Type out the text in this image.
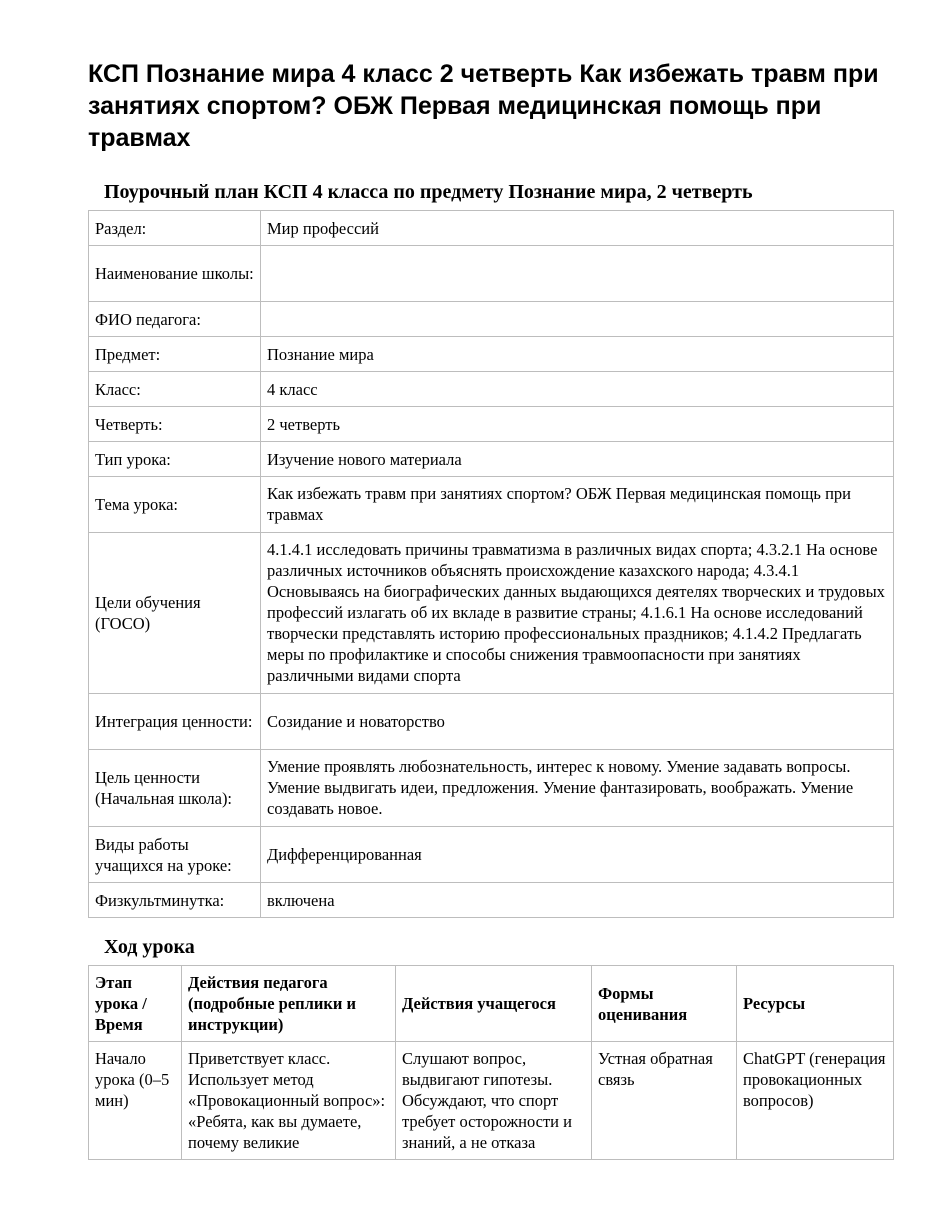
КСП Познание мира 4 класс 2 четверть Как избежать травм при занятиях спортом? ОБЖ Первая медицинская помощь при травмах
Поурочный план КСП 4 класса по предмету Познание мира, 2 четверть
Раздел:	Мир профессий
Наименование школы:	
ФИО педагога:	
Предмет:	Познание мира
Класс:	4 класс
Четверть:	2 четверть
Тип урока:	Изучение нового материала
Тема урока:	Как избежать травм при занятиях спортом? ОБЖ Первая медицинская помощь при травмах
Цели обучения (ГОСО)	4.1.4.1 исследовать причины травматизма в различных видах спорта; 4.3.2.1 На основе различных источников объяснять происхождение казахского народа; 4.3.4.1 Основываясь на биографических данных выдающихся деятелях творческих и трудовых профессий излагать об их вкладе в развитие страны; 4.1.6.1 На основе исследований творчески представлять историю профессиональных праздников; 4.1.4.2 Предлагать меры по профилактике и способы снижения травмоопасности при занятиях различными видами спорта
Интеграция ценности:	Созидание и новаторство
Цель ценности (Начальная школа):	Умение проявлять любознательность, интерес к новому. Умение задавать вопросы. Умение выдвигать идеи, предложения. Умение фантазировать, воображать. Умение создавать новое.
Виды работы учащихся на уроке:	Дифференцированная
Физкультминутка:	включена
Ход урока
Этап урока / Время	Действия педагога (подробные реплики и инструкции)	Действия учащегося	Формы оценивания	Ресурсы

Начало урока (0–5 мин)	Приветствует класс. Использует метод «Провокационный вопрос»: «Ребята, как вы думаете, почему великие	Слушают вопрос, выдвигают гипотезы. Обсуждают, что спорт требует осторожности и знаний, а не отказа	Устная обратная связь	ChatGPT (генерация провокационных вопросов)
